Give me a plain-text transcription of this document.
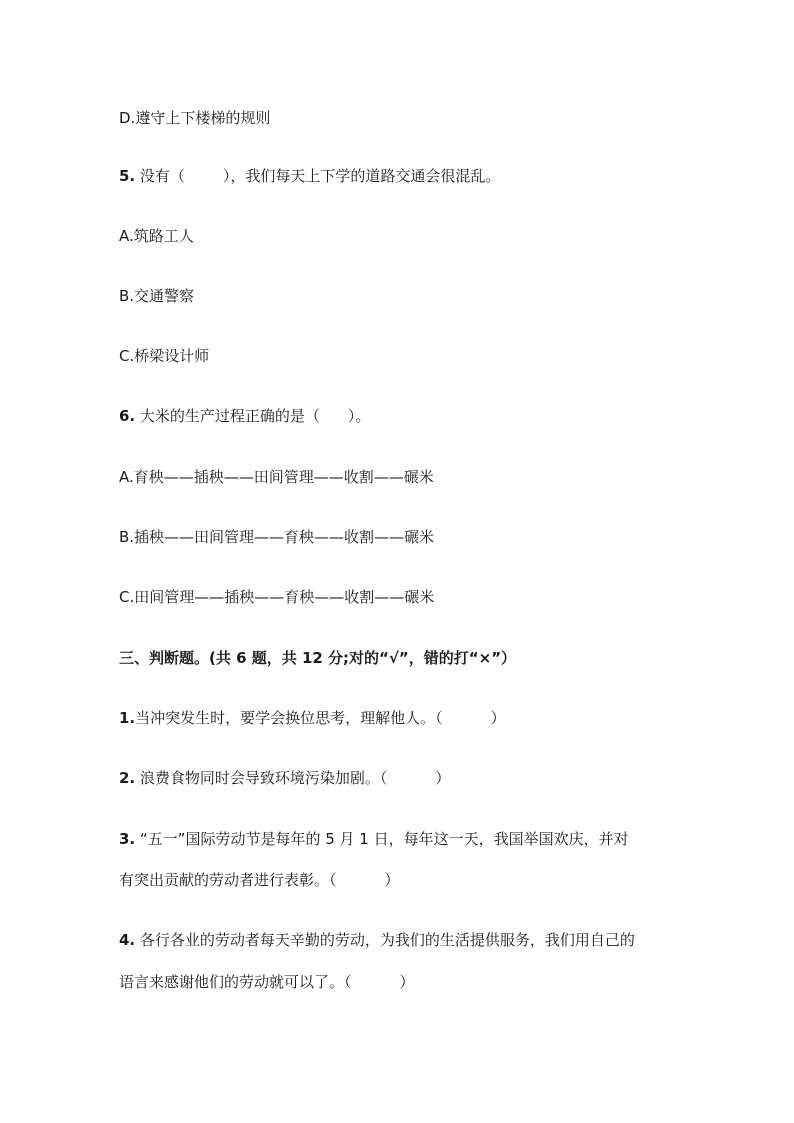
D.遵守上下楼梯的规则
5. 没有（	），我们每天上下学的道路交通会很混乱。
A.筑路工人
B.交通警察
C.桥梁设计师
6. 大米的生产过程正确的是（ ）。
A.育秧——插秧——田间管理——收割——碾米
B.插秧——田间管理——育秧——收割——碾米
C.田间管理——插秧——育秧——收割——碾米
三、判断题。(共 6 题，共 12 分;对的“√”，错的打“×”）
1.当冲突发生时，要学会换位思考，理解他人。（	）
2. 浪费食物同时会导致环境污染加剧。（	）
3. “五一”国际劳动节是每年的 5 月 1 日，每年这一天，我国举国欢庆，并对
有突出贡献的劳动者进行表彰。（	）
4. 各行各业的劳动者每天辛勤的劳动，为我们的生活提供服务，我们用自己的
语言来感谢他们的劳动就可以了。（	）
